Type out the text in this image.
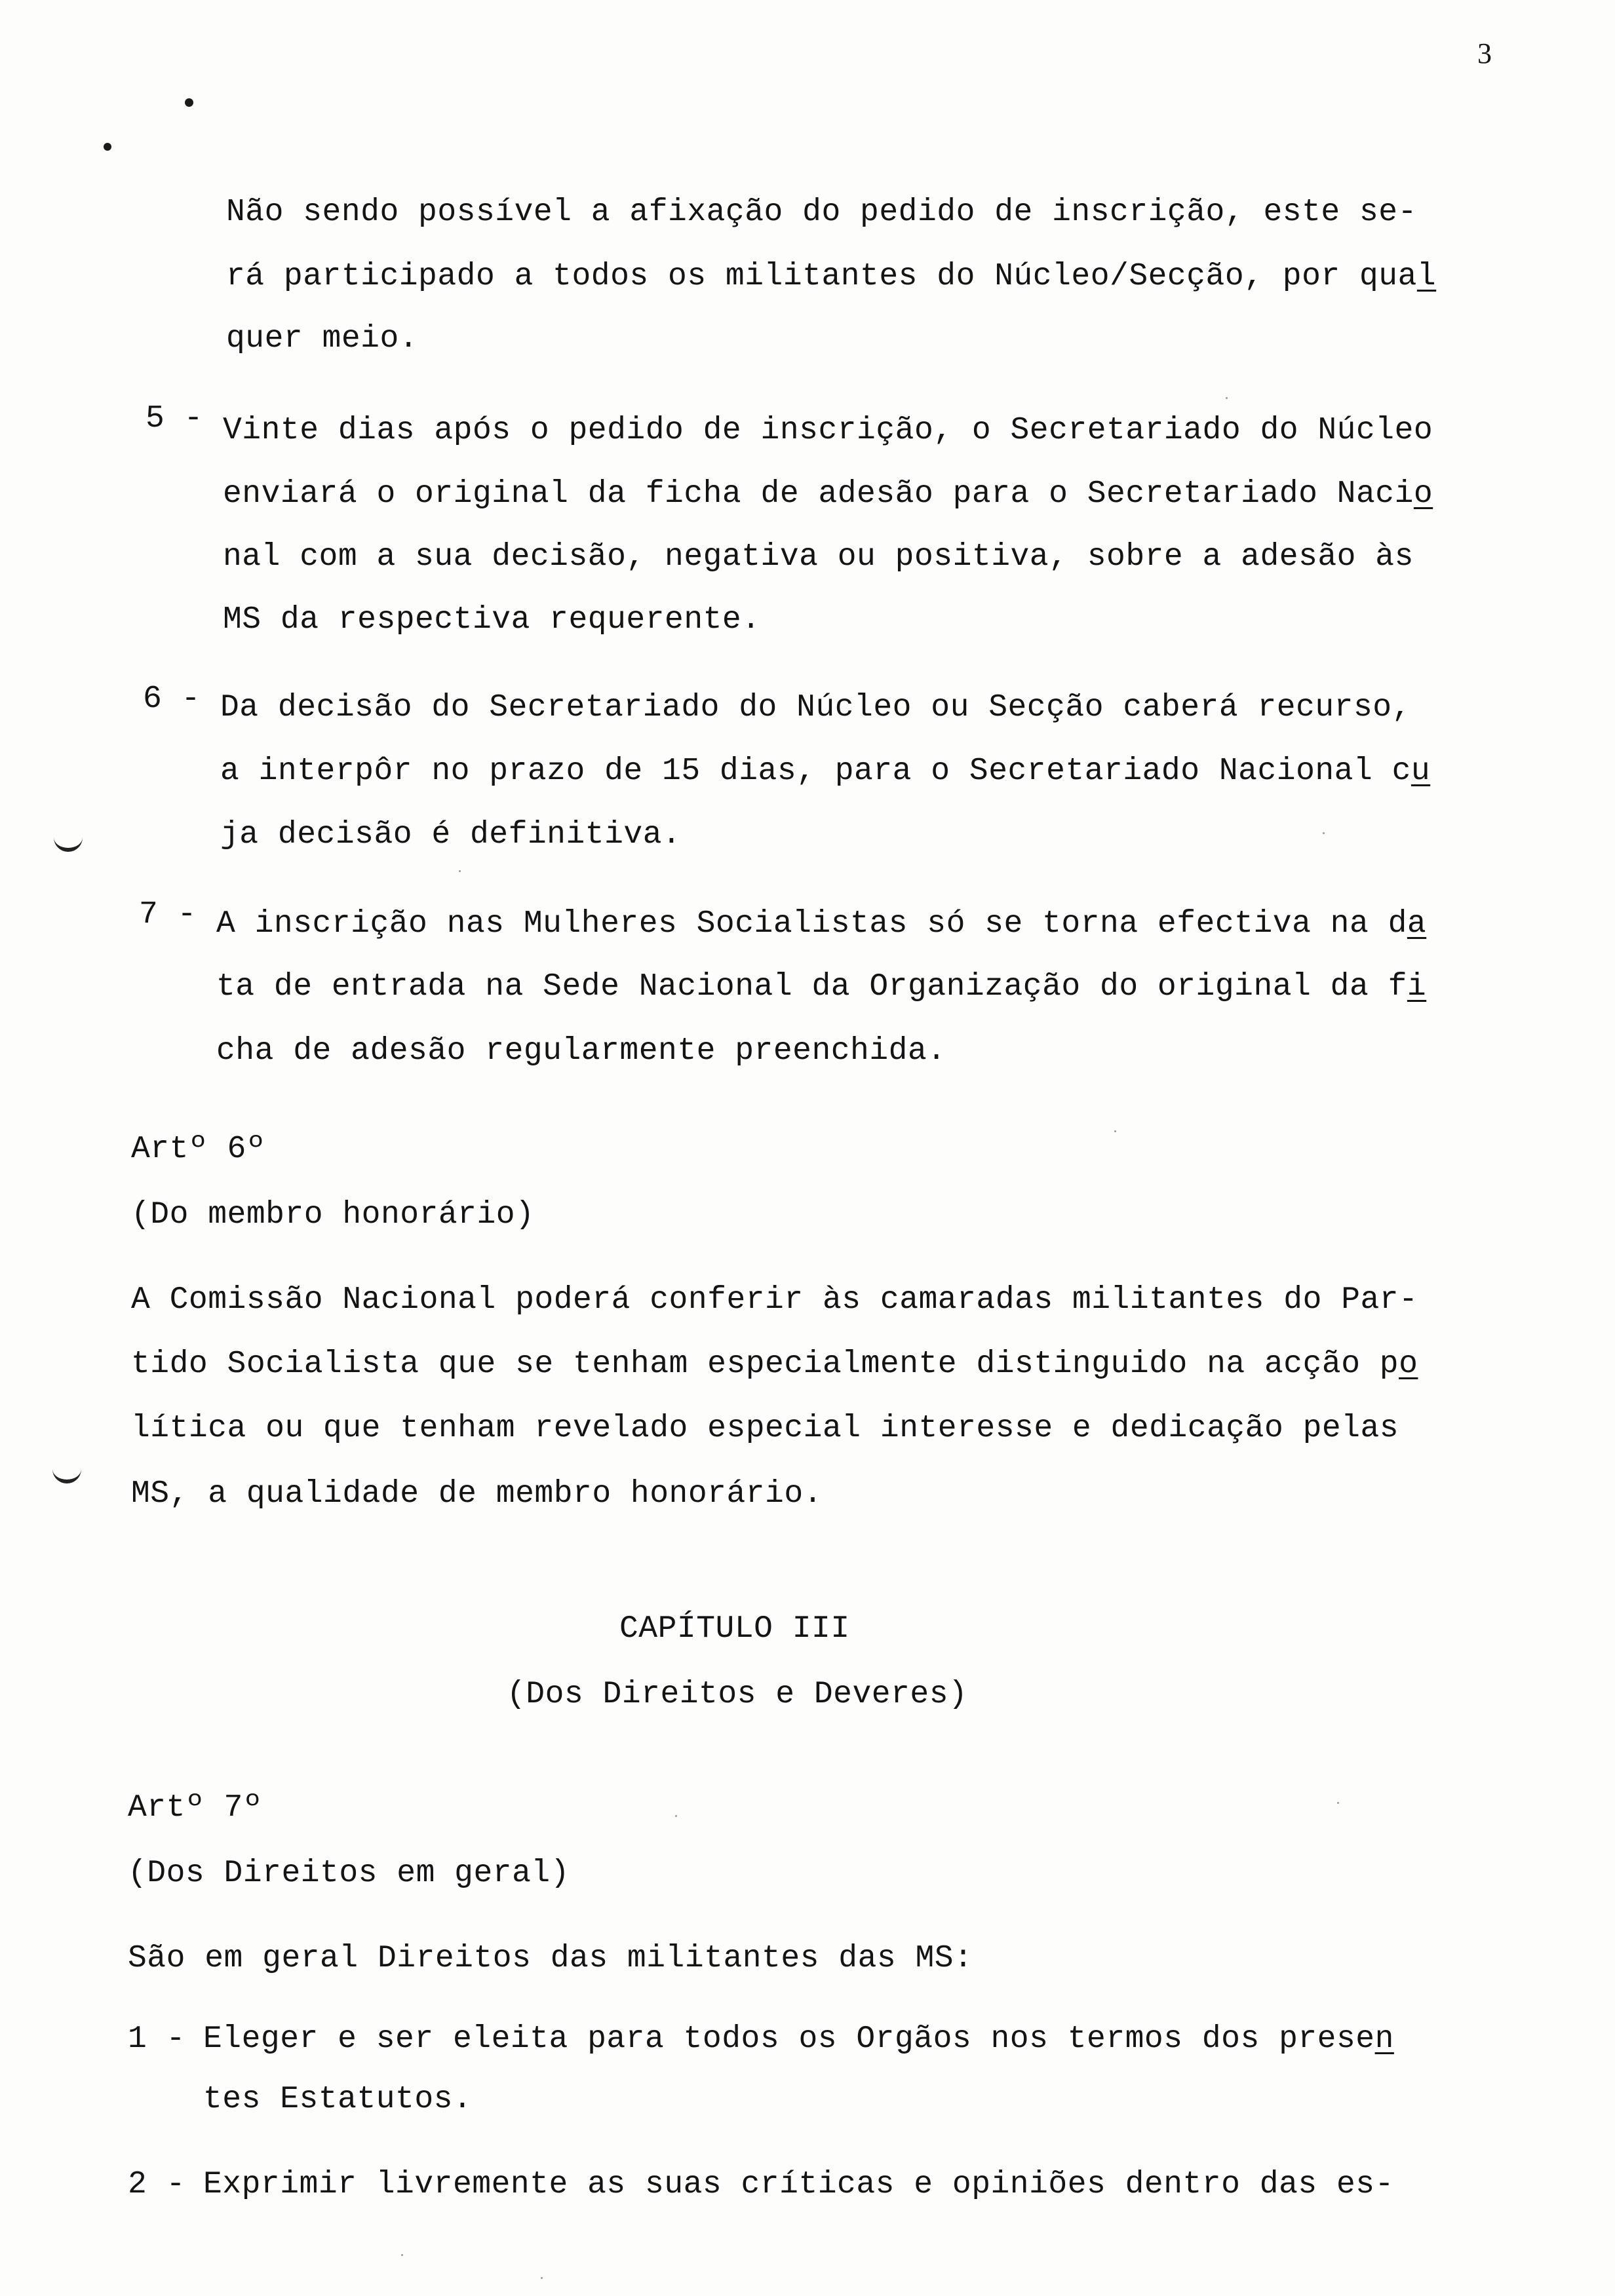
3
Não sendo possível a afixação do pedido de inscrição, este se-
rá participado a todos os militantes do Núcleo/Secção, por qual
quer meio.
5 - Vinte dias após o pedido de inscrição, o Secretariado do Núcleo
enviará o original da ficha de adesão para o Secretariado Nacio
nal com a sua decisão, negativa ou positiva, sobre a adesão às
MS da respectiva requerente.
6 - Da decisão do Secretariado do Núcleo ou Secção caberá recurso,
a interpôr no prazo de 15 dias, para o Secretariado Nacional cu
ja decisão é definitiva.
7 - A inscrição nas Mulheres Socialistas só se torna efectiva na da
ta de entrada na Sede Nacional da Organização do original da fi
cha de adesão regularmente preenchida.
Artº 6º
(Do membro honorário)
A Comissão Nacional poderá conferir às camaradas militantes do Par-
tido Socialista que se tenham especialmente distinguido na acção po
lítica ou que tenham revelado especial interesse e dedicação pelas
MS, a qualidade de membro honorário.
CAPÍTULO III
(Dos Direitos e Deveres)
Artº 7º
(Dos Direitos em geral)
São em geral Direitos das militantes das MS:
1 - Eleger e ser eleita para todos os Orgãos nos termos dos presen
tes Estatutos.
2 - Exprimir livremente as suas críticas e opiniões dentro das es-
